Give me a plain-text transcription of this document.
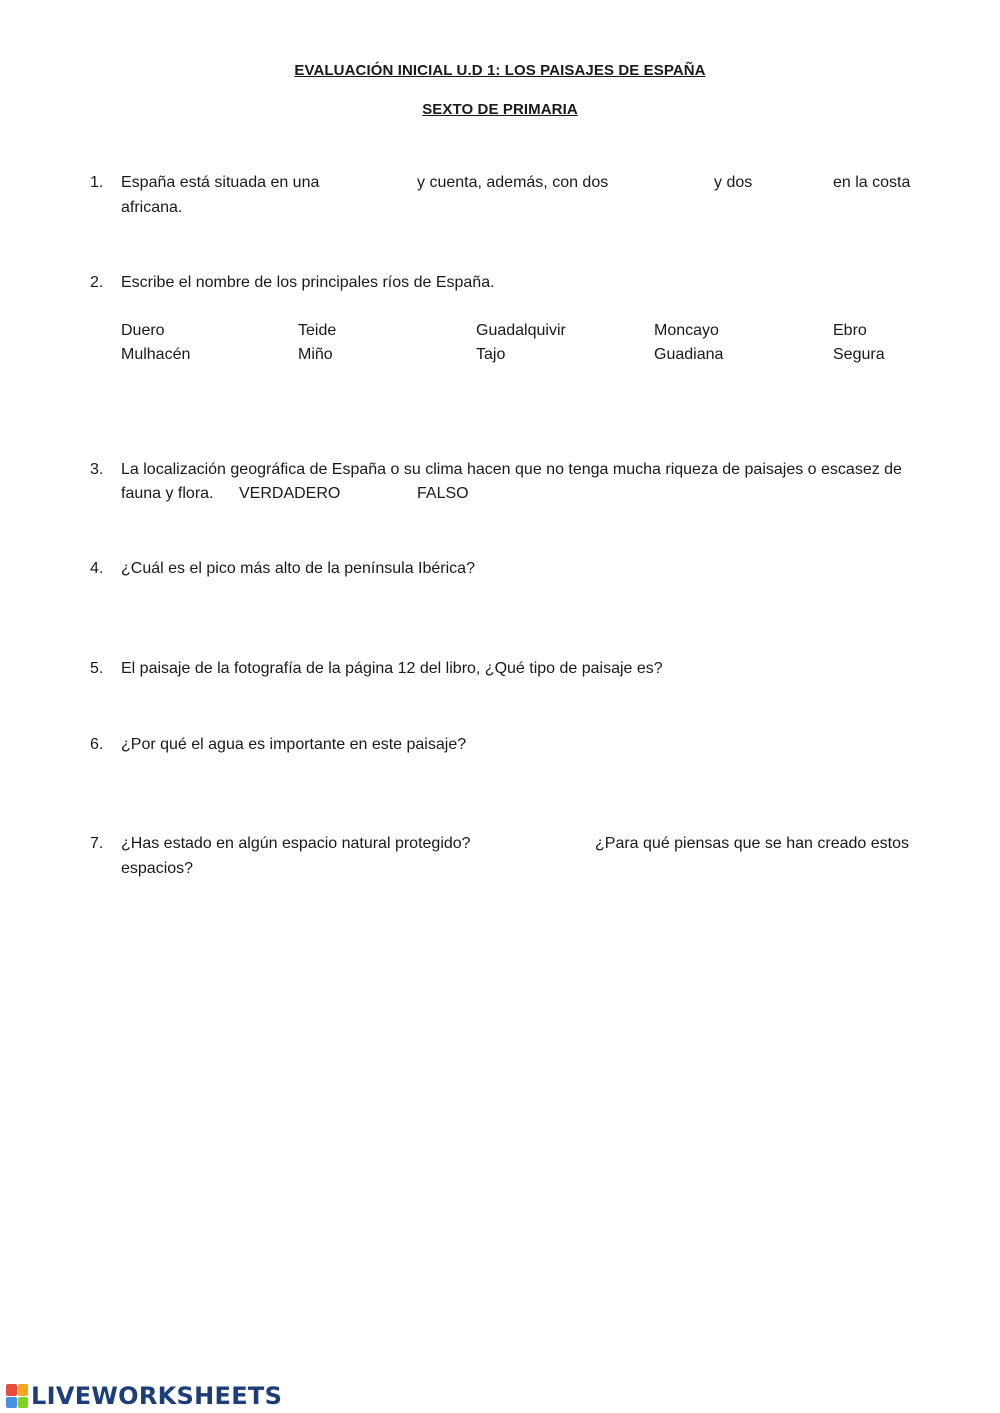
EVALUACIÓN INICIAL U.D 1: LOS PAISAJES DE ESPAÑA
SEXTO DE PRIMARIA
1.	España está situada en una	y cuenta, además, con dos	y dos	en la costa
africana.
2.	Escribe el nombre de los principales ríos de España.
Duero	Teide	Guadalquivir	Moncayo	Ebro
Mulhacén	Miño	Tajo	Guadiana	Segura
3.	La localización geográfica de España o su clima hacen que no tenga mucha riqueza de paisajes o escasez de
fauna y flora. VERDADERO	FALSO
4.	¿Cuál es el pico más alto de la península Ibérica?
5.	El paisaje de la fotografía de la página 12 del libro, ¿Qué tipo de paisaje es?
6.	¿Por qué el agua es importante en este paisaje?
7.	¿Has estado en algún espacio natural protegido?	¿Para qué piensas que se han creado estos
espacios?
LIVEWORKSHEETS
